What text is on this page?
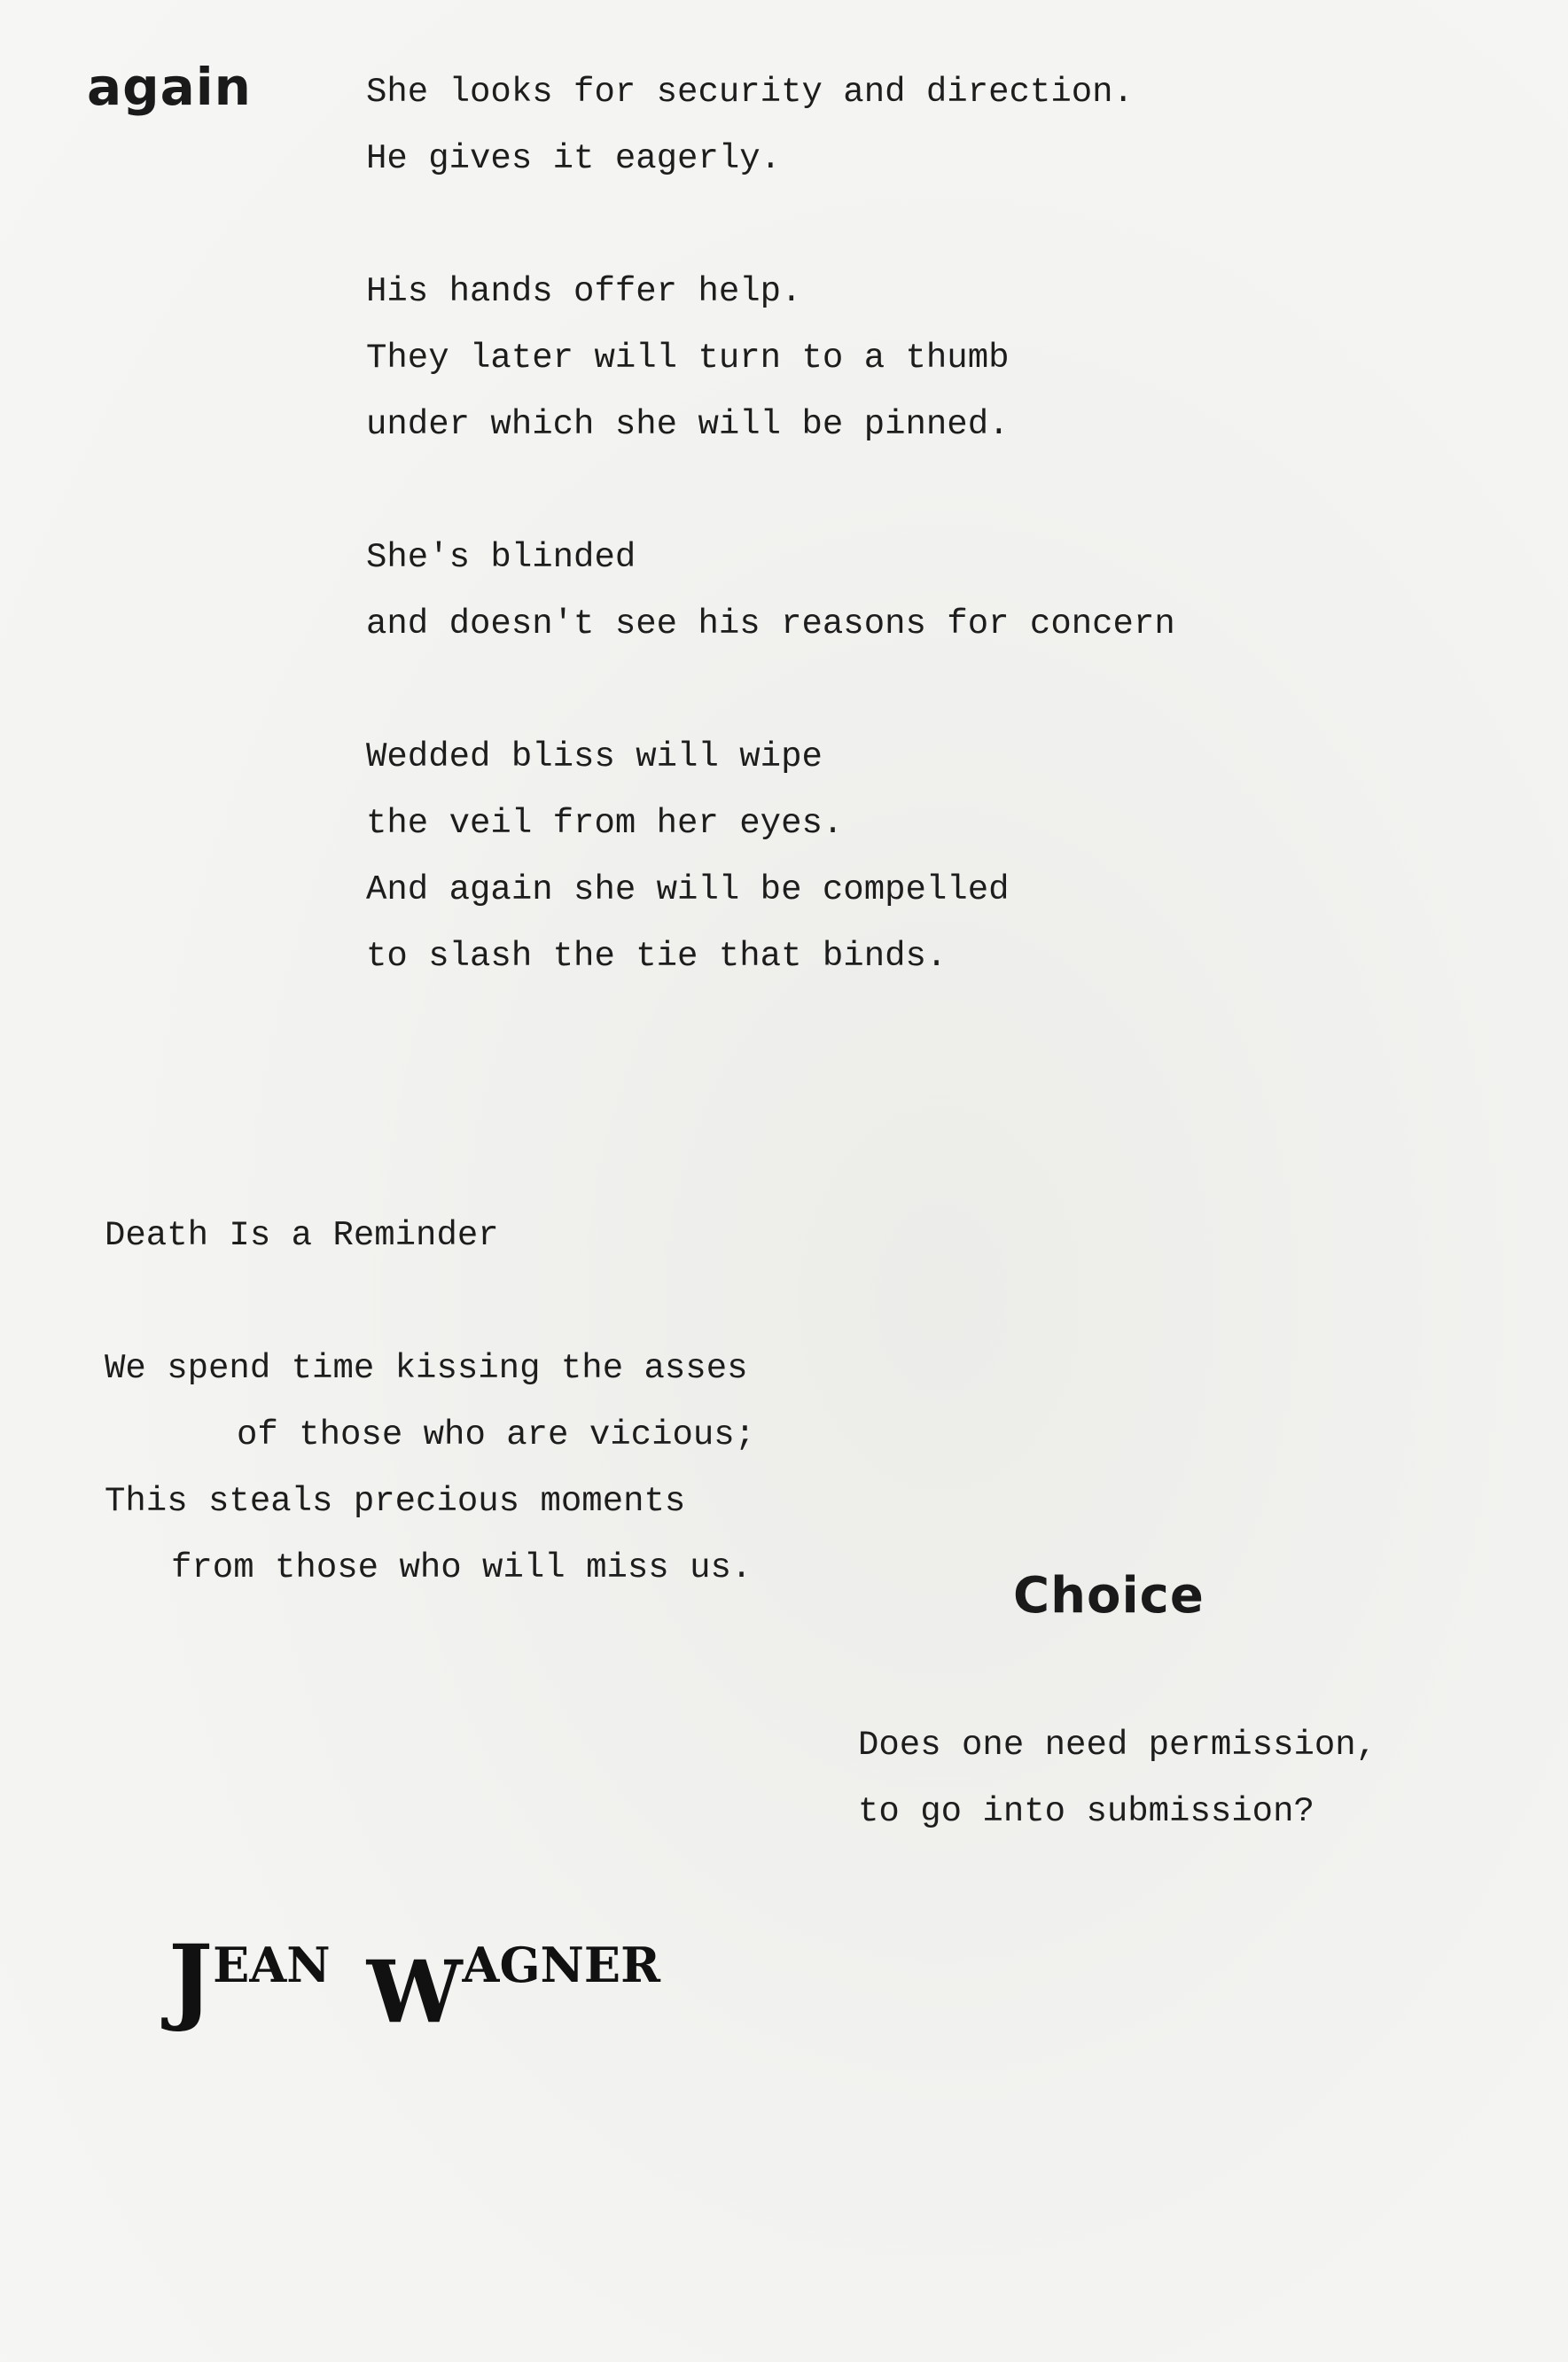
again	She looks for security and direction.

He gives it eagerly.

His hands offer help.

They later will turn to a thumb

under which she will be pinned.

She's blinded

and doesn't see his reasons for concern

Wedded bliss will wipe

the veil from her eyes.

And again she will be compelled

to slash the tie that binds.

Death Is a Reminder

We spend time kissing the asses

of those who are vicious;

This steals precious moments

from those who will miss us.	Choice

Does one need permission,

to go into submission?

JEAN WAGNER
